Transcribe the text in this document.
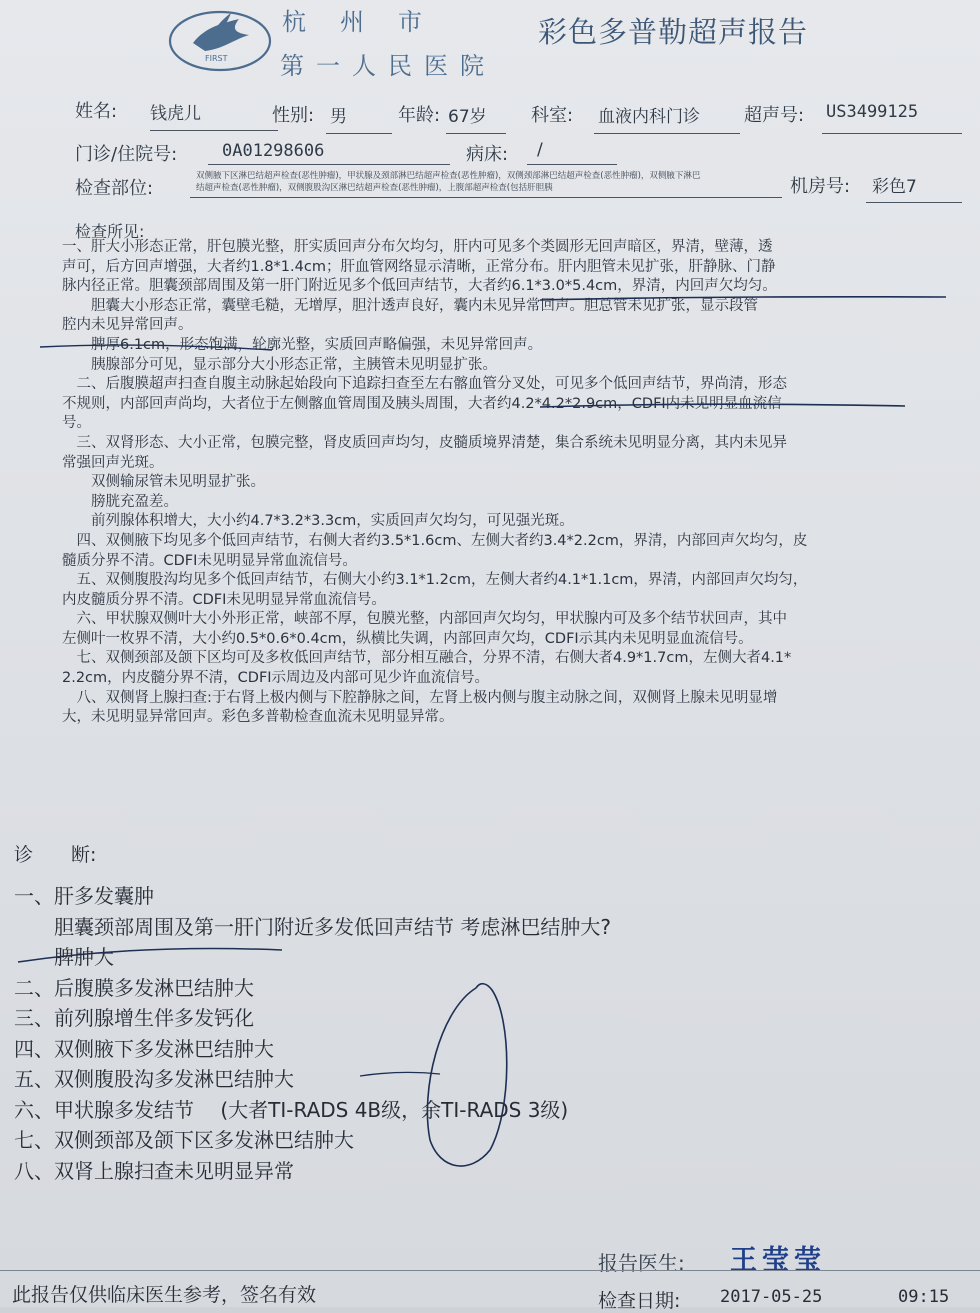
FIRST
杭州市
第一人民医院
彩色多普勒超声报告
姓名: 钱虎儿	性别: 男	年龄: 67岁 科室: 血液内科门诊 超声号: US3499125
门诊/住院号:	0A01298606	病床: /
检查部位:
双侧腋下区淋巴结超声检查(恶性肿瘤)，甲状腺及颈部淋巴结超声检查(恶性肿瘤)，双侧颈部淋巴结超声检查(恶性肿瘤)，双侧腋下淋巴
结超声检查(恶性肿瘤)，双侧腹股沟区淋巴结超声检查(恶性肿瘤)，上腹部超声检查(包括肝胆胰	机房号: 彩色7
检查所见:
一、肝大小形态正常，肝包膜光整，肝实质回声分布欠均匀，肝内可见多个类圆形无回声暗区，界清，壁薄，透
声可，后方回声增强，大者约1.8*1.4cm；肝血管网络显示清晰，正常分布。肝内胆管未见扩张，肝静脉、门静
脉内径正常。胆囊颈部周围及第一肝门附近见多个低回声结节，大者约6.1*3.0*5.4cm，界清，内回声欠均匀。
　　胆囊大小形态正常，囊壁毛糙，无增厚，胆汁透声良好，囊内未见异常回声。胆总管未见扩张，显示段管
腔内未见异常回声。
　　脾厚6.1cm，形态饱满，轮廓光整，实质回声略偏强，未见异常回声。
　　胰腺部分可见，显示部分大小形态正常，主胰管未见明显扩张。
　二、后腹膜超声扫查自腹主动脉起始段向下追踪扫查至左右髂血管分叉处，可见多个低回声结节，界尚清，形态
不规则，内部回声尚均，大者位于左侧髂血管周围及胰头周围，大者约4.2*4.2*2.9cm，CDFI内未见明显血流信
号。
　三、双肾形态、大小正常，包膜完整，肾皮质回声均匀，皮髓质境界清楚，集合系统未见明显分离，其内未见异
常强回声光斑。
　　双侧输尿管未见明显扩张。
　　膀胱充盈差。
　　前列腺体积增大，大小约4.7*3.2*3.3cm，实质回声欠均匀，可见强光斑。
　四、双侧腋下均见多个低回声结节，右侧大者约3.5*1.6cm、左侧大者约3.4*2.2cm，界清，内部回声欠均匀，皮
髓质分界不清。CDFI未见明显异常血流信号。
　五、双侧腹股沟均见多个低回声结节，右侧大小约3.1*1.2cm，左侧大者约4.1*1.1cm，界清，内部回声欠均匀，
内皮髓质分界不清。CDFI未见明显异常血流信号。
　六、甲状腺双侧叶大小外形正常，峡部不厚，包膜光整，内部回声欠均匀，甲状腺内可及多个结节状回声，其中
左侧叶一枚界不清，大小约0.5*0.6*0.4cm，纵横比失调，内部回声欠均，CDFI示其内未见明显血流信号。
　七、双侧颈部及颌下区均可及多枚低回声结节，部分相互融合，分界不清，右侧大者4.9*1.7cm，左侧大者4.1*
2.2cm，内皮髓分界不清，CDFI示周边及内部可见少许血流信号。
　八、双侧肾上腺扫查:于右肾上极内侧与下腔静脉之间，左肾上极内侧与腹主动脉之间，双侧肾上腺未见明显增
大，未见明显异常回声。彩色多普勒检查血流未见明显异常。
诊　　断:
一、肝多发囊肿
　　胆囊颈部周围及第一肝门附近多发低回声结节 考虑淋巴结肿大?
　　脾肿大
二、后腹膜多发淋巴结肿大
三、前列腺增生伴多发钙化
四、双侧腋下多发淋巴结肿大
五、双侧腹股沟多发淋巴结肿大
六、甲状腺多发结节　 (大者TI-RADS 4B级，余TI-RADS 3级)
七、双侧颈部及颌下区多发淋巴结肿大
八、双肾上腺扫查未见明显异常
报告医生: 王莹莹
此报告仅供临床医生参考，签名有效	检查日期: 2017-05-25	09:15
